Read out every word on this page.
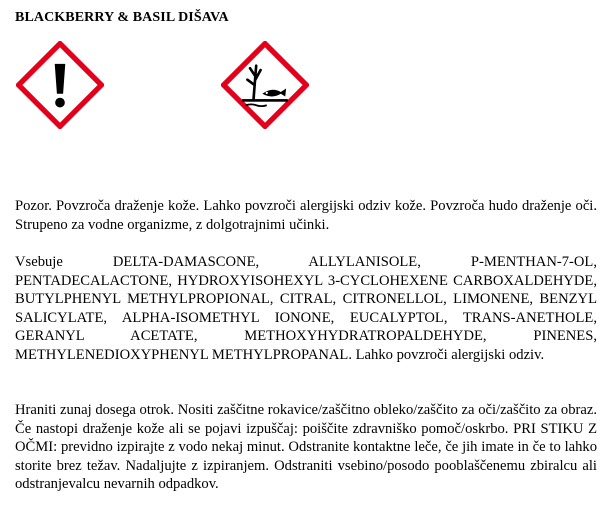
BLACKBERRY & BASIL DIŠAVA

Pozor. Povzroča draženje kože. Lahko povzroči alergijski odziv kože. Povzroča hudo draženje oči. Strupeno za vodne organizme, z dolgotrajnimi učinki.

Vsebuje DELTA-DAMASCONE, ALLYLANISOLE, P-MENTHAN-7-OL, PENTADECALACTONE, HYDROXYISOHEXYL 3-CYCLOHEXENE CARBOXALDEHYDE, BUTYLPHENYL METHYLPROPIONAL, CITRAL, CITRONELLOL, LIMONENE, BENZYL SALICYLATE, ALPHA-ISOMETHYL IONONE, EUCALYPTOL, TRANS-ANETHOLE, GERANYL ACETATE, METHOXYHYDRATROPALDEHYDE, PINENES, METHYLENEDIOXYPHENYL METHYLPROPANAL. Lahko povzroči alergijski odziv.

Hraniti zunaj dosega otrok. Nositi zaščitne rokavice/zaščitno obleko/zaščito za oči/zaščito za obraz. Če nastopi draženje kože ali se pojavi izpuščaj: poiščite zdravniško pomoč/oskrbo. PRI STIKU Z OČMI: previdno izpirajte z vodo nekaj minut. Odstranite kontaktne leče, če jih imate in če to lahko storite brez težav. Nadaljujte z izpiranjem. Odstraniti vsebino/posodo pooblaščenemu zbiralcu ali odstranjevalcu nevarnih odpadkov.
